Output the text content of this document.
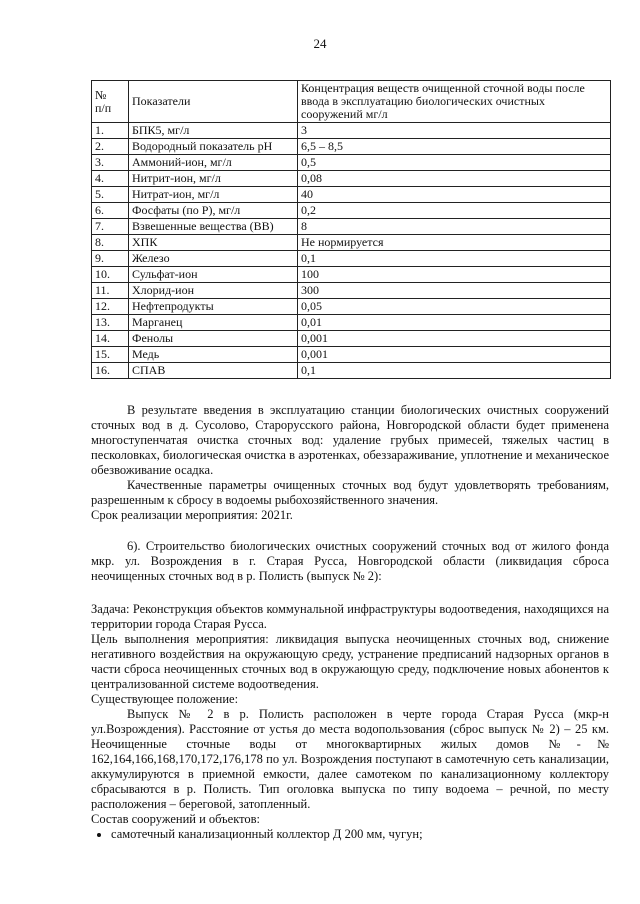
24
№
п/п	Показатели	Концентрация веществ очищенной сточной воды после ввода в эксплуатацию биологических очистных сооружений мг/л
1.	БПК5, мг/л	3
2.	Водородный показатель pH	6,5 – 8,5
3.	Аммоний-ион, мг/л	0,5
4.	Нитрит-ион, мг/л	0,08
5.	Нитрат-ион, мг/л	40
6.	Фосфаты (по Р), мг/л	0,2
7.	Взвешенные вещества (ВВ)	8
8.	ХПК	Не нормируется
9.	Железо	0,1
10.	Сульфат-ион	100
11.	Хлорид-ион	300
12.	Нефтепродукты	0,05
13.	Марганец	0,01
14.	Фенолы	0,001
15.	Медь	0,001
16.	СПАВ	0,1

В результате введения в эксплуатацию станции биологических очистных сооружений сточных вод в д. Сусолово, Старорусского района, Новгородской области будет применена многоступенчатая очистка сточных вод: удаление грубых примесей, тяжелых частиц в песколовках, биологическая очистка в аэротенках, обеззараживание, уплотнение и механическое обезвоживание осадка.

Качественные параметры очищенных сточных вод будут удовлетворять требованиям, разрешенным к сбросу в водоемы рыбохозяйственного значения.

Срок реализации мероприятия: 2021г.

6). Строительство биологических очистных сооружений сточных вод от жилого фонда мкр. ул. Возрождения в г. Старая Русса, Новгородской области (ликвидация сброса неочищенных сточных вод в р. Полисть (выпуск № 2):

Задача: Реконструкция объектов коммунальной инфраструктуры водоотведения, находящихся на территории города Старая Русса.

Цель выполнения мероприятия: ликвидация выпуска неочищенных сточных вод, снижение негативного воздействия на окружающую среду, устранение предписаний надзорных органов в части сброса неочищенных сточных вод в окружающую среду, подключение новых абонентов к централизованной системе водоотведения.

Существующее положение:

Выпуск № 2 в р. Полисть расположен в черте города Старая Русса (мкр-н ул.Возрождения). Расстояние от устья до места водопользования (сброс выпуск № 2) – 25 км. Неочищенные сточные воды от многоквартирных жилых домов №-№ 162,164,166,168,170,172,176,178 по ул. Возрождения поступают в самотечную сеть канализации, аккумулируются в приемной емкости, далее самотеком по канализационному коллектору сбрасываются в р. Полисть. Тип оголовка выпуска по типу водоема – речной, по месту расположения – береговой, затопленный.

Состав сооружений и объектов:

• самотечный канализационный коллектор Д 200 мм, чугун;
